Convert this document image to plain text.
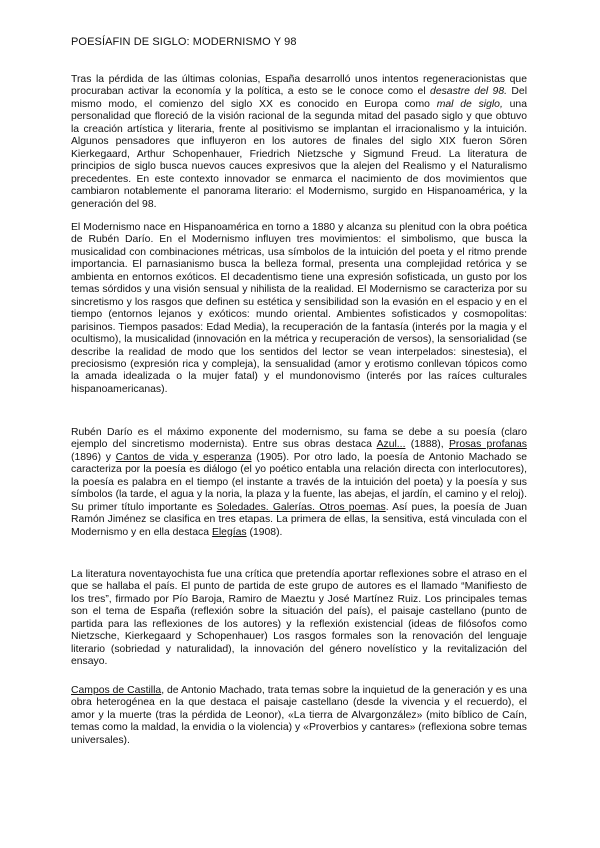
POESÍAFIN DE SIGLO: MODERNISMO Y 98

Tras la pérdida de las últimas colonias, España desarrolló unos intentos regeneracionistas que procuraban activar la economía y la política, a esto se le conoce como el desastre del 98. Del mismo modo, el comienzo del siglo XX es conocido en Europa como mal de siglo, una personalidad que floreció de la visión racional de la segunda mitad del pasado siglo y que obtuvo la creación artística y literaria, frente al positivismo se implantan el irracionalismo y la intuición. Algunos pensadores que influyeron en los autores de finales del siglo XIX fueron Sören Kierkegaard, Arthur Schopenhauer, Friedrich Nietzsche y Sigmund Freud. La literatura de principios de siglo busca nuevos cauces expresivos que la alejen del Realismo y el Naturalismo precedentes. En este contexto innovador se enmarca el nacimiento de dos movimientos que cambiaron notablemente el panorama literario: el Modernismo, surgido en Hispanoamérica, y la generación del 98.

El Modernismo nace en Hispanoamérica en torno a 1880 y alcanza su plenitud con la obra poética de Rubén Darío. En el Modernismo influyen tres movimientos: el simbolismo, que busca la musicalidad con combinaciones métricas, usa símbolos de la intuición del poeta y el ritmo prende importancia. El parnasianismo busca la belleza formal, presenta una complejidad retórica y se ambienta en entornos exóticos. El decadentismo tiene una expresión sofisticada, un gusto por los temas sórdidos y una visión sensual y nihilista de la realidad. El Modernismo se caracteriza por su sincretismo y los rasgos que definen su estética y sensibilidad son la evasión en el espacio y en el tiempo (entornos lejanos y exóticos: mundo oriental. Ambientes sofisticados y cosmopolitas: parisinos. Tiempos pasados: Edad Media), la recuperación de la fantasía (interés por la magia y el ocultismo), la musicalidad (innovación en la métrica y recuperación de versos), la sensorialidad (se describe la realidad de modo que los sentidos del lector se vean interpelados: sinestesia), el preciosismo (expresión rica y compleja), la sensualidad (amor y erotismo conllevan tópicos como la amada idealizada o la mujer fatal) y el mundonovismo (interés por las raíces culturales hispanoamericanas).

Rubén Darío es el máximo exponente del modernismo, su fama se debe a su poesía (claro ejemplo del sincretismo modernista). Entre sus obras destaca Azul... (1888), Prosas profanas (1896) y Cantos de vida y esperanza (1905). Por otro lado, la poesía de Antonio Machado se caracteriza por la poesía es diálogo (el yo poético entabla una relación directa con interlocutores), la poesía es palabra en el tiempo (el instante a través de la intuición del poeta) y la poesía y sus símbolos (la tarde, el agua y la noria, la plaza y la fuente, las abejas, el jardín, el camino y el reloj). Su primer título importante es Soledades. Galerías. Otros poemas. Así pues, la poesía de Juan Ramón Jiménez se clasifica en tres etapas. La primera de ellas, la sensitiva, está vinculada con el Modernismo y en ella destaca Elegías (1908).

La literatura noventayochista fue una crítica que pretendía aportar reflexiones sobre el atraso en el que se hallaba el país. El punto de partida de este grupo de autores es el llamado “Manifiesto de los tres”, firmado por Pío Baroja, Ramiro de Maeztu y José Martínez Ruiz. Los principales temas son el tema de España (reflexión sobre la situación del país), el paisaje castellano (punto de partida para las reflexiones de los autores) y la reflexión existencial (ideas de filósofos como Nietzsche, Kierkegaard y Schopenhauer) Los rasgos formales son la renovación del lenguaje literario (sobriedad y naturalidad), la innovación del género novelístico y la revitalización del ensayo.

Campos de Castilla, de Antonio Machado, trata temas sobre la inquietud de la generación y es una obra heterogénea en la que destaca el paisaje castellano (desde la vivencia y el recuerdo), el amor y la muerte (tras la pérdida de Leonor), «La tierra de Alvargonzález» (mito bíblico de Caín, temas como la maldad, la envidia o la violencia) y «Proverbios y cantares» (reflexiona sobre temas universales).
